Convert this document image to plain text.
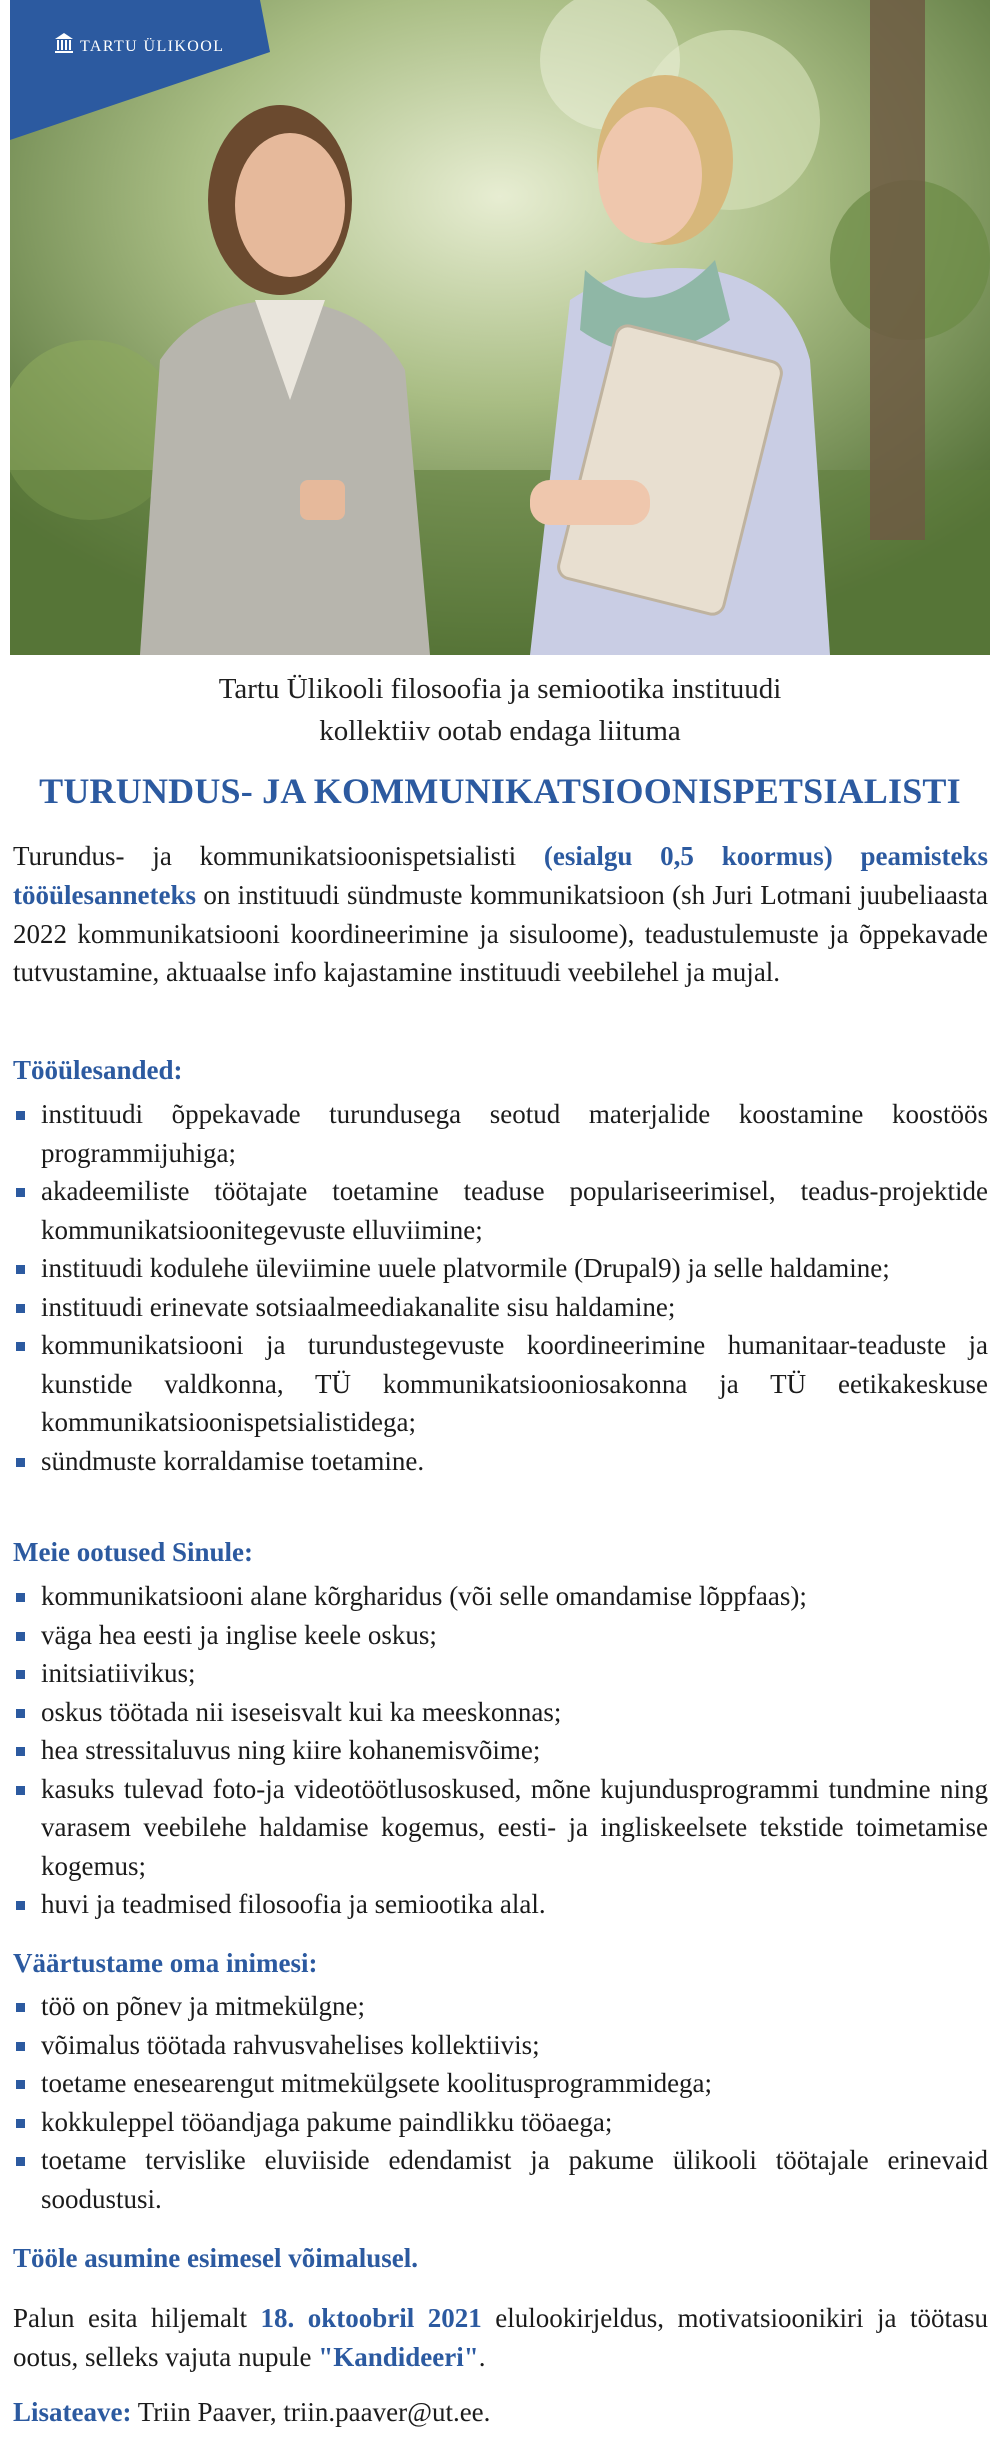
TARTU ÜLIKOOL
Tartu Ülikooli filosoofia ja semiootika instituudi
kollektiiv ootab endaga liituma
TURUNDUS- JA KOMMUNIKATSIOONISPETSIALISTI
Turundus- ja kommunikatsioonispetsialisti (esialgu 0,5 koormus) peamisteks tööülesanneteks on instituudi sündmuste kommunikatsioon (sh Juri Lotmani juubeliaasta 2022 kommunikatsiooni koordineerimine ja sisuloome), teadustulemuste ja õppekavade tutvustamine, aktuaalse info kajastamine instituudi veebilehel ja mujal.
Tööülesanded:
instituudi õppekavade turundusega seotud materjalide koostamine koostöös programmijuhiga;
akadeemiliste töötajate toetamine teaduse populariseerimisel, teadus-projektide kommunikatsioonitegevuste elluviimine;
instituudi kodulehe üleviimine uuele platvormile (Drupal9) ja selle haldamine;
instituudi erinevate sotsiaalmeediakanalite sisu haldamine;
kommunikatsiooni ja turundustegevuste koordineerimine humanitaar-teaduste ja kunstide valdkonna, TÜ kommunikatsiooniosakonna ja TÜ eetikakeskuse kommunikatsioonispetsialistidega;
sündmuste korraldamise toetamine.
Meie ootused Sinule:
kommunikatsiooni alane kõrgharidus (või selle omandamise lõppfaas);
väga hea eesti ja inglise keele oskus;
initsiatiivikus;
oskus töötada nii iseseisvalt kui ka meeskonnas;
hea stressitaluvus ning kiire kohanemisvõime;
kasuks tulevad foto-ja videotöötlusoskused, mõne kujundusprogrammi tundmine ning varasem veebilehe haldamise kogemus, eesti- ja ingliskeelsete tekstide toimetamise kogemus;
huvi ja teadmised filosoofia ja semiootika alal.
Väärtustame oma inimesi:
töö on põnev ja mitmekülgne;
võimalus töötada rahvusvahelises kollektiivis;
toetame enesearengut mitmekülgsete koolitusprogrammidega;
kokkuleppel tööandjaga pakume paindlikku tööaega;
toetame tervislike eluviiside edendamist ja pakume ülikooli töötajale erinevaid soodustusi.
Tööle asumine esimesel võimalusel.
Palun esita hiljemalt 18. oktoobril 2021 elulookirjeldus, motivatsioonikiri ja töötasu ootus, selleks vajuta nupule "Kandideeri".
Lisateave: Triin Paaver, triin.paaver@ut.ee.
